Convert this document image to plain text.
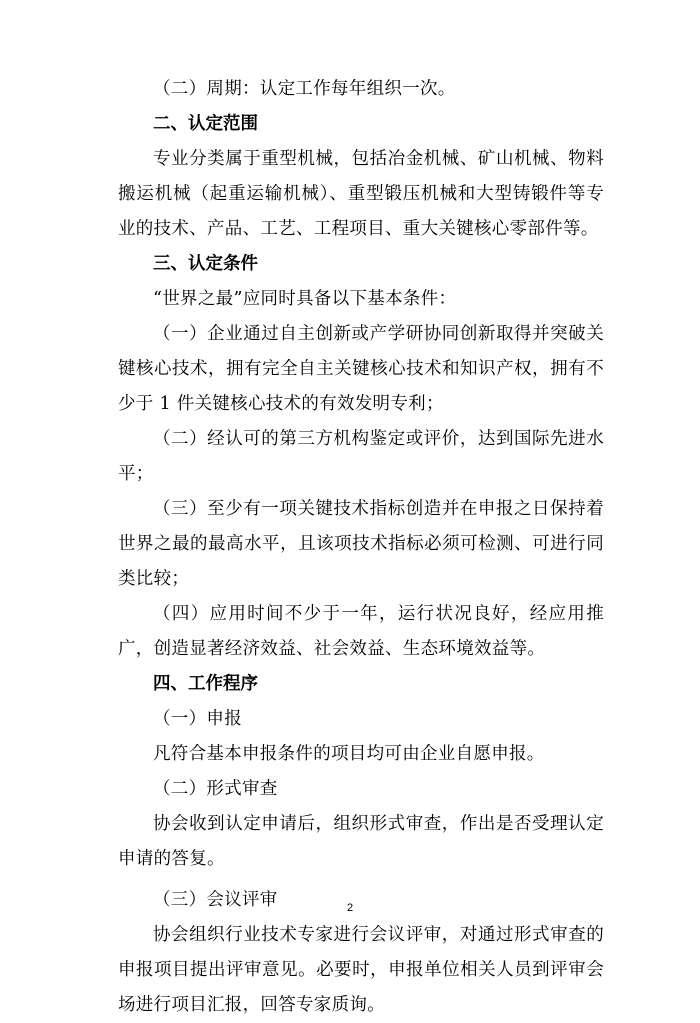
（二）周期：认定工作每年组织一次。

二、认定范围

专业分类属于重型机械，包括冶金机械、矿山机械、物料搬运机械（起重运输机械）、重型锻压机械和大型铸锻件等专业的技术、产品、工艺、工程项目、重大关键核心零部件等。

三、认定条件

“世界之最”应同时具备以下基本条件：

（一）企业通过自主创新或产学研协同创新取得并突破关键核心技术，拥有完全自主关键核心技术和知识产权，拥有不少于 1 件关键核心技术的有效发明专利；

（二）经认可的第三方机构鉴定或评价，达到国际先进水平；

（三）至少有一项关键技术指标创造并在申报之日保持着世界之最的最高水平，且该项技术指标必须可检测、可进行同类比较；

（四）应用时间不少于一年，运行状况良好，经应用推广，创造显著经济效益、社会效益、生态环境效益等。

四、工作程序

（一）申报

凡符合基本申报条件的项目均可由企业自愿申报。

（二）形式审查

协会收到认定申请后，组织形式审查，作出是否受理认定申请的答复。

（三）会议评审

协会组织行业技术专家进行会议评审，对通过形式审查的申报项目提出评审意见。必要时，申报单位相关人员到评审会场进行项目汇报，回答专家质询。

2
